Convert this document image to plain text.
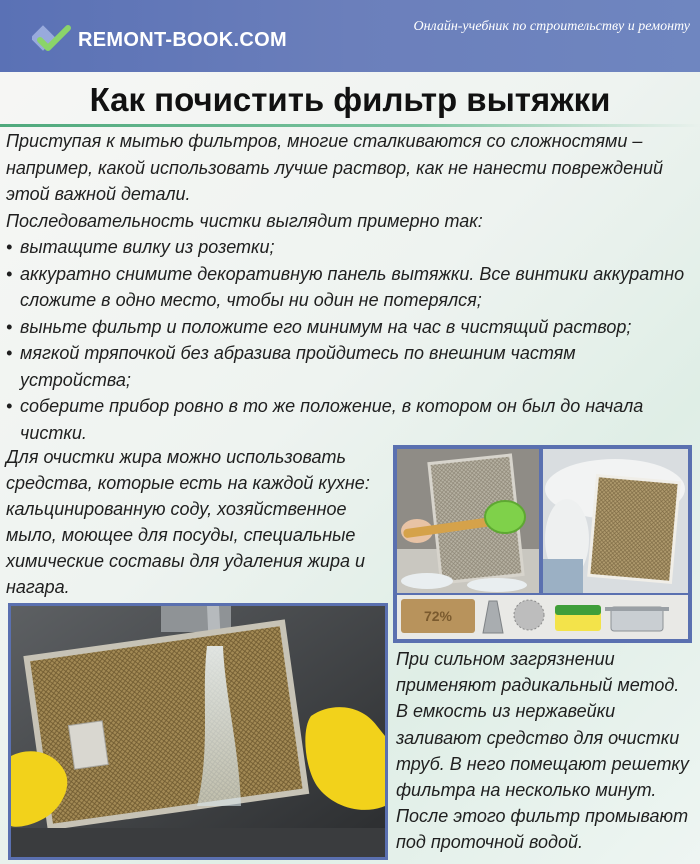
REMONT-BOOK.COM
Онлайн-учебник по строительству и ремонту
Как почистить фильтр вытяжки

Приступая к мытью фильтров, многие сталкиваются со сложностями – например, какой использовать лучше раствор, как не нанести повреждений этой важной детали.

Последовательность чистки выглядит примерно так:

• вытащите вилку из розетки;
• аккуратно снимите декоративную панель вытяжки. Все винтики аккуратно сложите в одно место, чтобы ни один не потерялся;
• выньте фильтр и положите его минимум на час в чистящий раствор;
• мягкой тряпочкой без абразива пройдитесь по внешним частям устройства;
• соберите прибор ровно в то же положение, в котором он был до начала чистки.
Для очистки жира можно использовать средства, которые есть на каждой кухне: кальцинированную соду, хозяйственное мыло, моющее для посуды, специальные химические составы для удаления жира и нагара.
72%
При сильном загрязнении применяют радикальный метод. В емкость из нержавейки заливают средство для очистки труб. В него помещают решетку фильтра на несколько минут. После этого фильтр промывают под проточной водой.
